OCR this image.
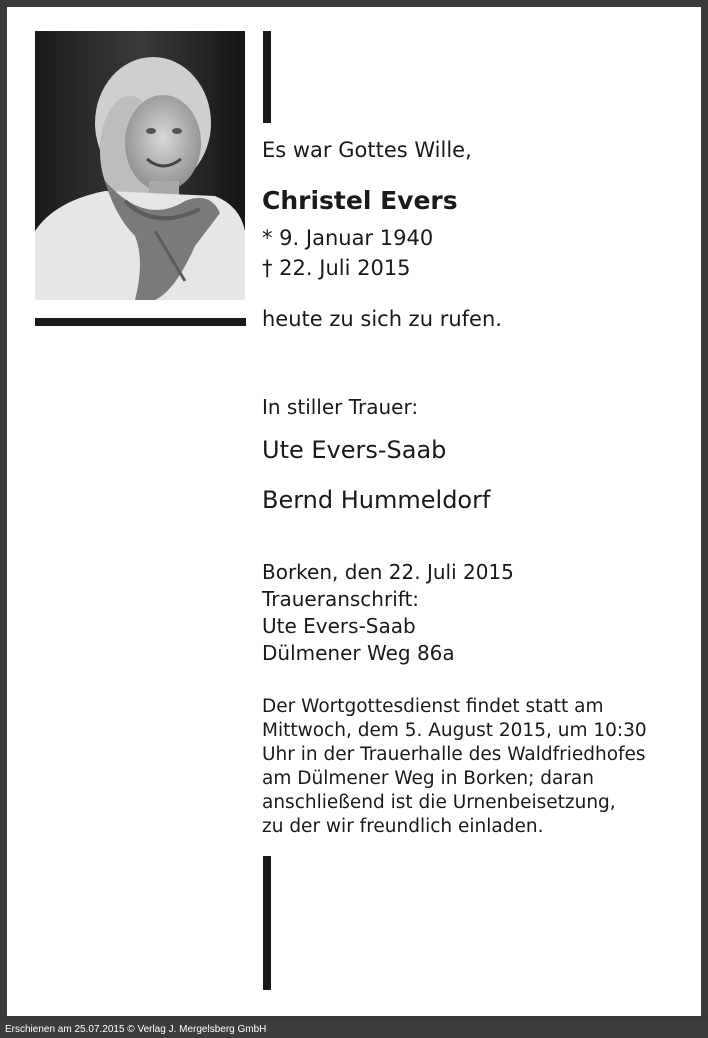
Es war Gottes Wille,
Christel Evers
* 9. Januar 1940
† 22. Juli 2015
heute zu sich zu rufen.
In stiller Trauer:
Ute Evers-Saab
Bernd Hummeldorf
Borken, den 22. Juli 2015
Traueranschrift:
Ute Evers-Saab
Dülmener Weg 86a
Der Wortgottesdienst findet statt am
Mittwoch, dem 5. August 2015, um 10:30
Uhr in der Trauerhalle des Waldfriedhofes
am Dülmener Weg in Borken; daran
anschließend ist die Urnenbeisetzung,
zu der wir freundlich einladen.
Erschienen am 25.07.2015 © Verlag J. Mergelsberg GmbH
